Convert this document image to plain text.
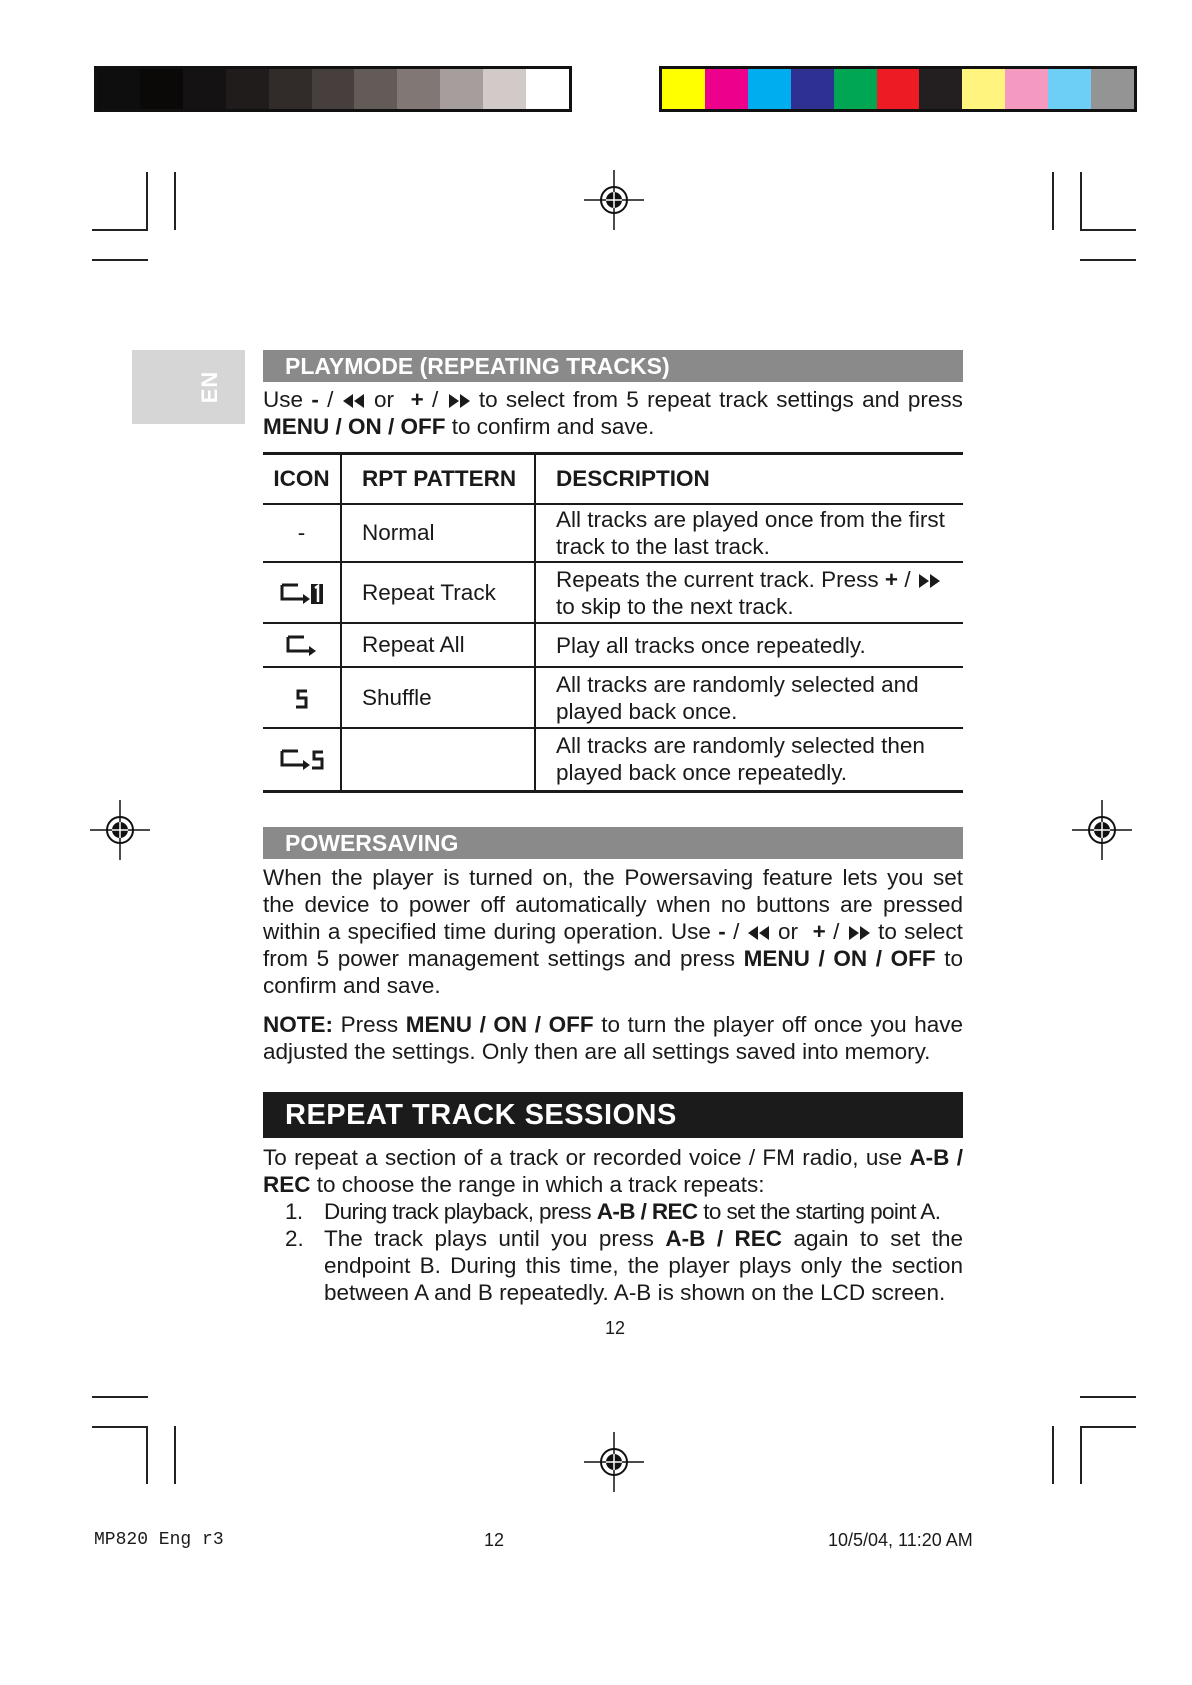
EN
PLAYMODE (REPEATING TRACKS)

Use - / or + / to select from 5 repeat track settings and press MENU / ON / OFF to confirm and save.

ICON	RPT PATTERN	DESCRIPTION
-	Normal	All tracks are played once from the first track to the last track.
	Repeat Track	Repeats the current track. Press + /  to skip to the next track.
	Repeat All	Play all tracks once repeatedly.
	Shuffle	All tracks are randomly selected and played back once.
		All tracks are randomly selected then played back once repeatedly.
POWERSAVING

When the player is turned on, the Powersaving feature lets you set the device to power off automatically when no buttons are pressed within a specified time during operation. Use - / or + / to select from 5 power management settings and press MENU / ON / OFF to confirm and save.

NOTE: Press MENU / ON / OFF to turn the player off once you have adjusted the settings. Only then are all settings saved into memory.

REPEAT TRACK SESSIONS

To repeat a section of a track or recorded voice / FM radio, use A-B / REC to choose the range in which a track repeats:

1. During track playback, press A-B / REC to set the starting point A.
2. The track plays until you press A-B / REC again to set the endpoint B. During this time, the player plays only the section between A and B repeatedly. A-B is shown on the LCD screen.
12
MP820 Eng r3	12	10/5/04, 11:20 AM
